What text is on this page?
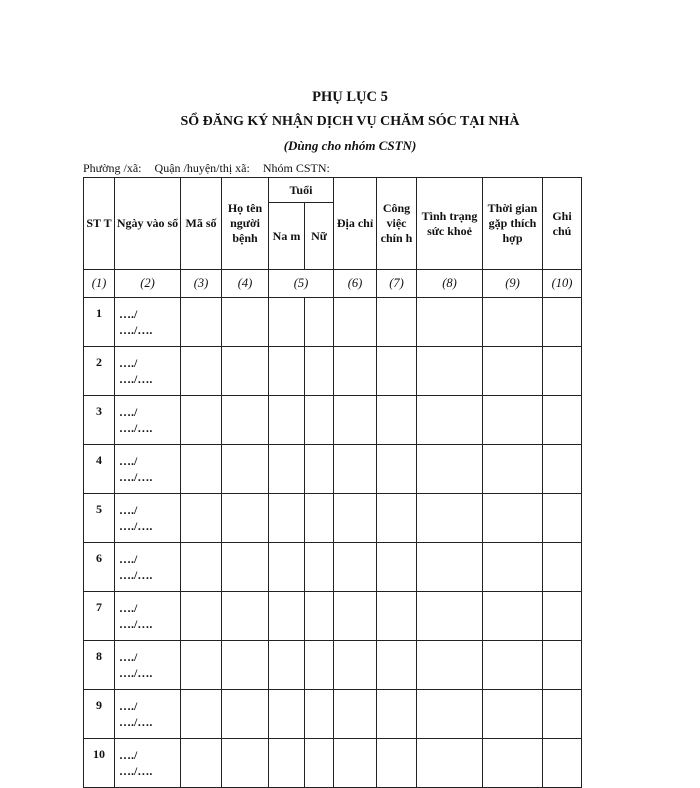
PHỤ LỤC 5
SỔ ĐĂNG KÝ NHẬN DỊCH VỤ CHĂM SÓC TẠI NHÀ
(Dùng cho nhóm CSTN)
Phường /xã: Quận /huyện/thị xã: Nhóm CSTN:
ST T	Ngày vào sổ	Mã số	Họ tên người bệnh	Tuổi		Địa chỉ	Công việc chín h	Tình trạng sức khoẻ	Thời gian gặp thích hợp	Ghi chú
				Na m	Nữ					
(1)	(2)	(3)	(4)	(5)		(6)	(7)	(8)	(9)	(10)
1	…./
…./….									

2	…./
…./….									

3	…./
…./….									

4	…./
…./….									

5	…./
…./….									

6	…./
…./….									

7	…./
…./….									

8	…./
…./….									

9	…./
…./….									

10	…./
…./….									
